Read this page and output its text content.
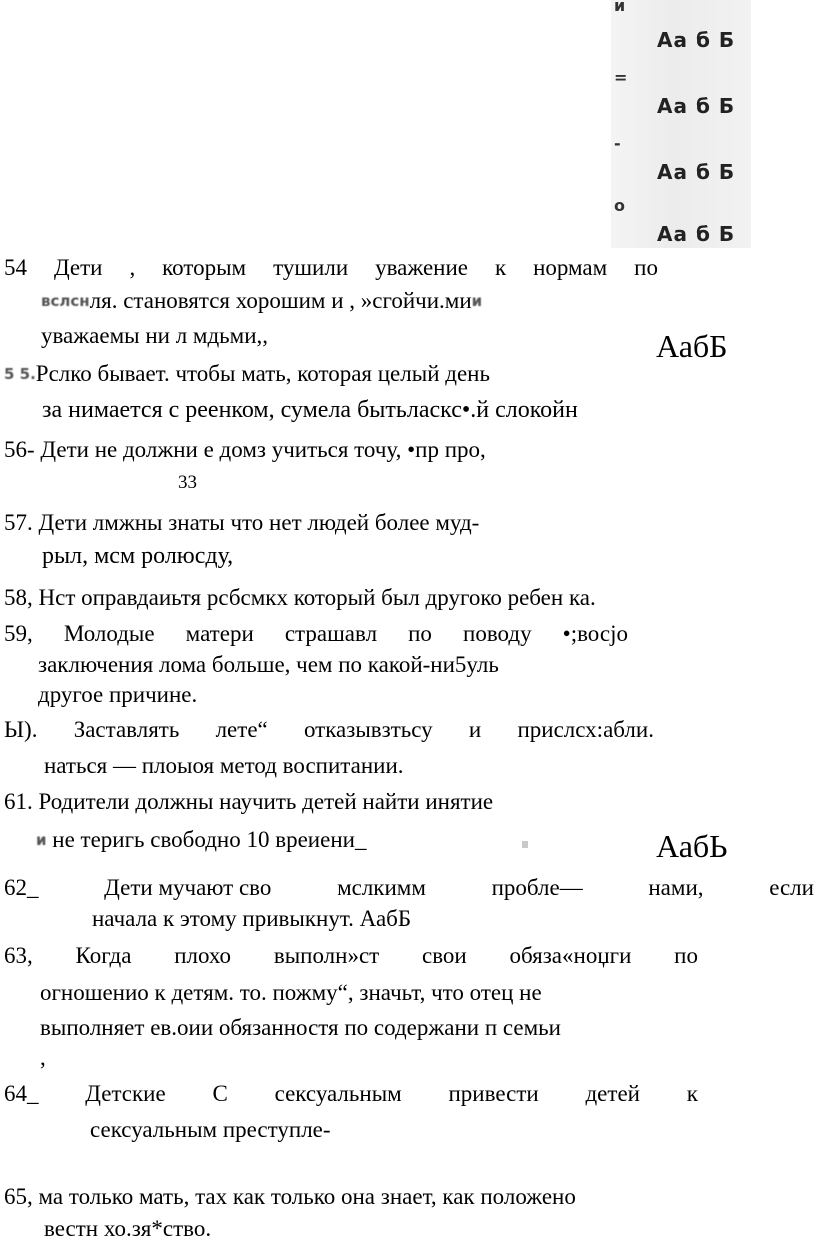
и
Аа б Б
=
Аа б Б
-
Аа б Б
о
Аа б Б
54 Дети , которым тушили уважение к нормам по
вслснля. становятся хорошим и , »сгойчи.мии
уважаемы ни л мдьми,,	АабБ
5 5.Рслко бывает. чтобы мать, которая целый день
за нимается с реенком, сумела бытьласкс•.й слокойн
56- Дети не должни е домз учиться точу, •пр про,
33
57. Дети лмжны знаты что нет людей более муд-
рыл, мсм ролюсду,
58, Нст оправдаиьтя рсбсмкх который был другоко ребен ка.
59, Молодые матери страшавл по поводу •;восјо
заключения лома больше, чем по какой-ни5уль
другое причине.
Ы). Заставлять лете“ отказывзтьсу и прислсх:абли.
наться — плоыоя метод воспитании.
61. Родители должны научить детей найти инятие
и не теригь свободно 10 вреиени_	АабЬ
62_	Дети мучают сво	мслкимм	пробле—	нами,	если
начала к этому привыкнут. АабБ
63, Когда плохо выполн»ст свои обяза«ноџги по
огношенио к детям. то. пожму“, значьт, что отец не
выполняет ев.оии обязанностя по содержани п семьи
,
64_ Детские С сексуальным привести детей к
сексуальным преступле-
65, ма только мать, тах как только она знает, как положено
вестн хо.зя*ство.
